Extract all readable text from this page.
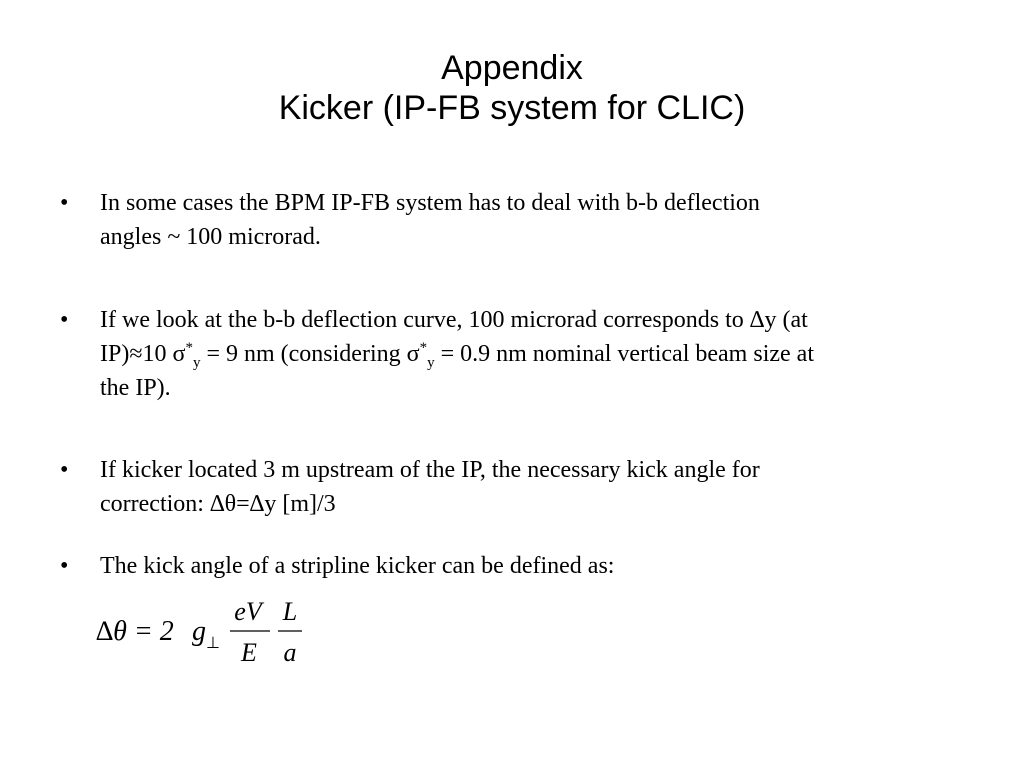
Appendix
Kicker (IP-FB system for CLIC)
•	In some cases the BPM IP-FB system has to deal with b-b deflection
angles ~ 100 microrad.
•	If we look at the b-b deflection curve, 100 microrad corresponds to ∆y (at
IP)≈10 $\sigma^*_y = 9$ nm (considering $\sigma^*_y = 0.9$ nm nominal vertical beam size at
the IP).
•	If kicker located 3 m upstream of the IP, the necessary kick angle for
correction: ∆θ=∆y [m]/3
•	The kick angle of a stripline kicker can be defined as:
∆θ = 2 g ⊥
eV
E
L
a
